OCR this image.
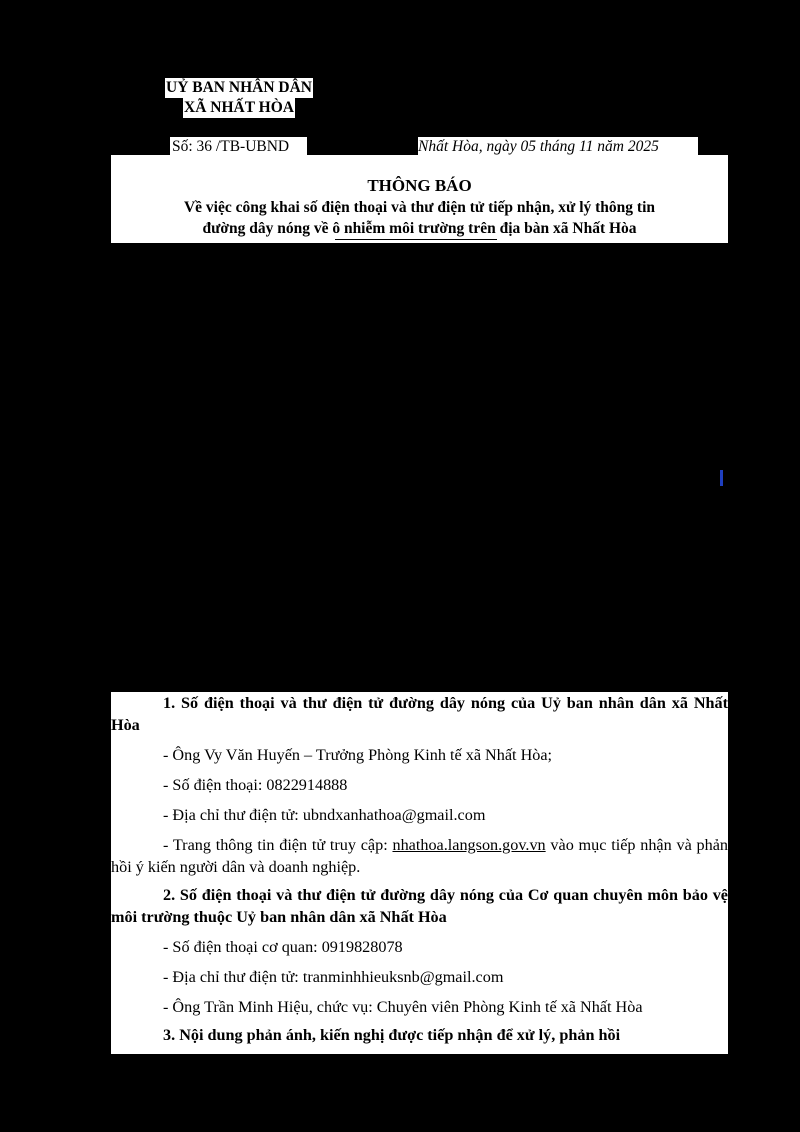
UỶ BAN NHÂN DÂN
XÃ NHẤT HÒA
Số: 36 /TB-UBND	Nhất Hòa, ngày 05 tháng 11 năm 2025
THÔNG BÁO
Về việc công khai số điện thoại và thư điện tử tiếp nhận, xử lý thông tin
đường dây nóng về ô nhiễm môi trường trên địa bàn xã Nhất Hòa

1. Số điện thoại và thư điện tử đường dây nóng của Uỷ ban nhân dân xã Nhất Hòa

- Ông Vy Văn Huyến – Trưởng Phòng Kinh tế xã Nhất Hòa;

- Số điện thoại: 0822914888

- Địa chỉ thư điện tử: ubndxanhathoa@gmail.com

- Trang thông tin điện tử truy cập: nhathoa.langson.gov.vn vào mục tiếp nhận và phản hồi ý kiến người dân và doanh nghiệp.

2. Số điện thoại và thư điện tử đường dây nóng của Cơ quan chuyên môn bảo vệ môi trường thuộc Uỷ ban nhân dân xã Nhất Hòa

- Số điện thoại cơ quan: 0919828078

- Địa chỉ thư điện tử: tranminhhieuksnb@gmail.com

- Ông Trần Minh Hiệu, chức vụ: Chuyên viên Phòng Kinh tế xã Nhất Hòa

3. Nội dung phản ánh, kiến nghị được tiếp nhận để xử lý, phản hồi
